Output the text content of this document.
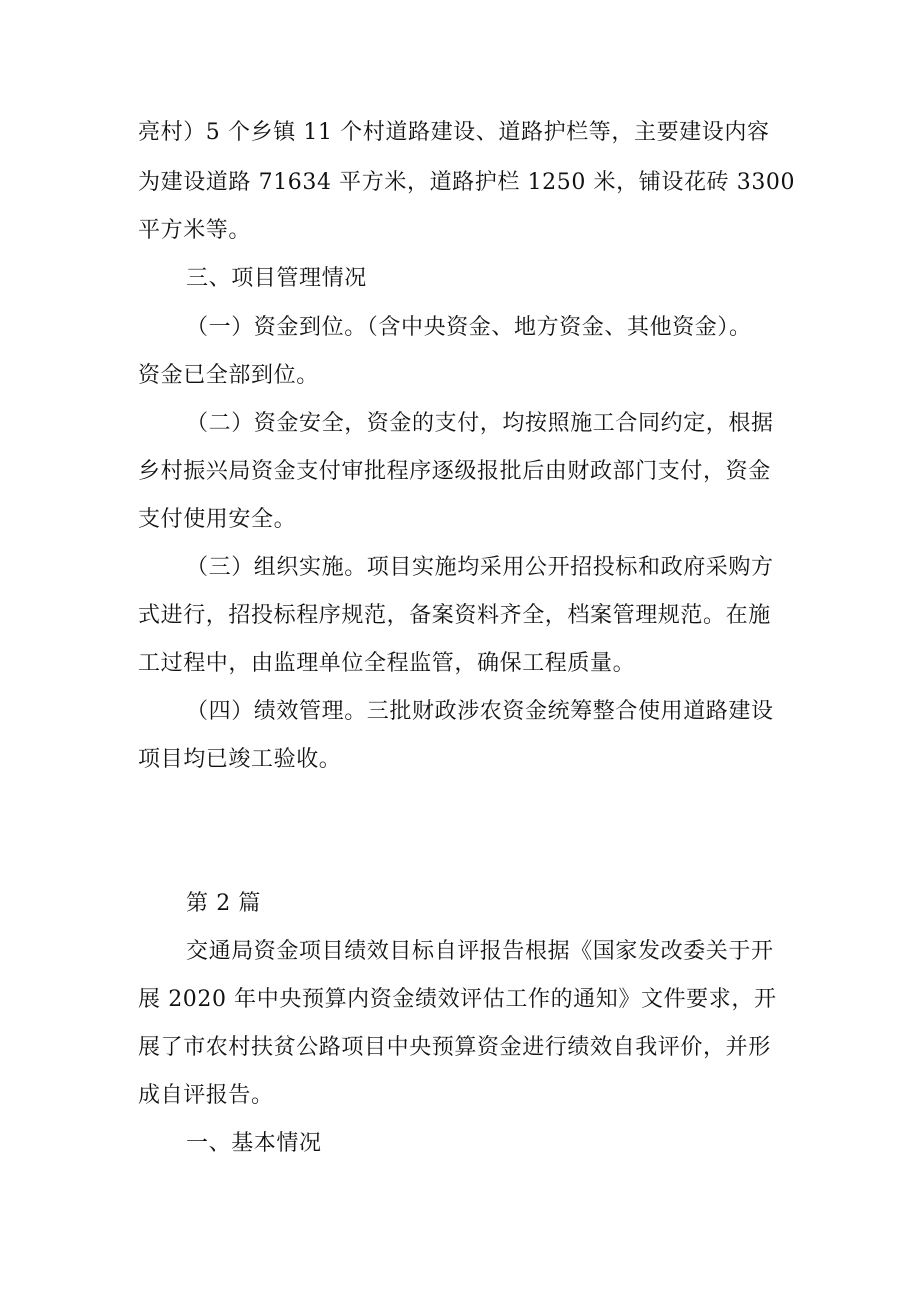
亮村）5 个乡镇 11 个村道路建设、道路护栏等，主要建设内容
为建设道路 71634 平方米，道路护栏 1250 米，铺设花砖 3300
平方米等。
三、项目管理情况
（一）资金到位。（含中央资金、地方资金、其他资金）。
资金已全部到位。
（二）资金安全，资金的支付，均按照施工合同约定，根据
乡村振兴局资金支付审批程序逐级报批后由财政部门支付，资金
支付使用安全。
（三）组织实施。项目实施均采用公开招投标和政府采购方
式进行，招投标程序规范，备案资料齐全，档案管理规范。在施
工过程中，由监理单位全程监管，确保工程质量。
（四）绩效管理。三批财政涉农资金统筹整合使用道路建设
项目均已竣工验收。
第 2 篇
交通局资金项目绩效目标自评报告根据《国家发改委关于开
展 2020 年中央预算内资金绩效评估工作的通知》文件要求，开
展了市农村扶贫公路项目中央预算资金进行绩效自我评价，并形
成自评报告。
一、基本情况
